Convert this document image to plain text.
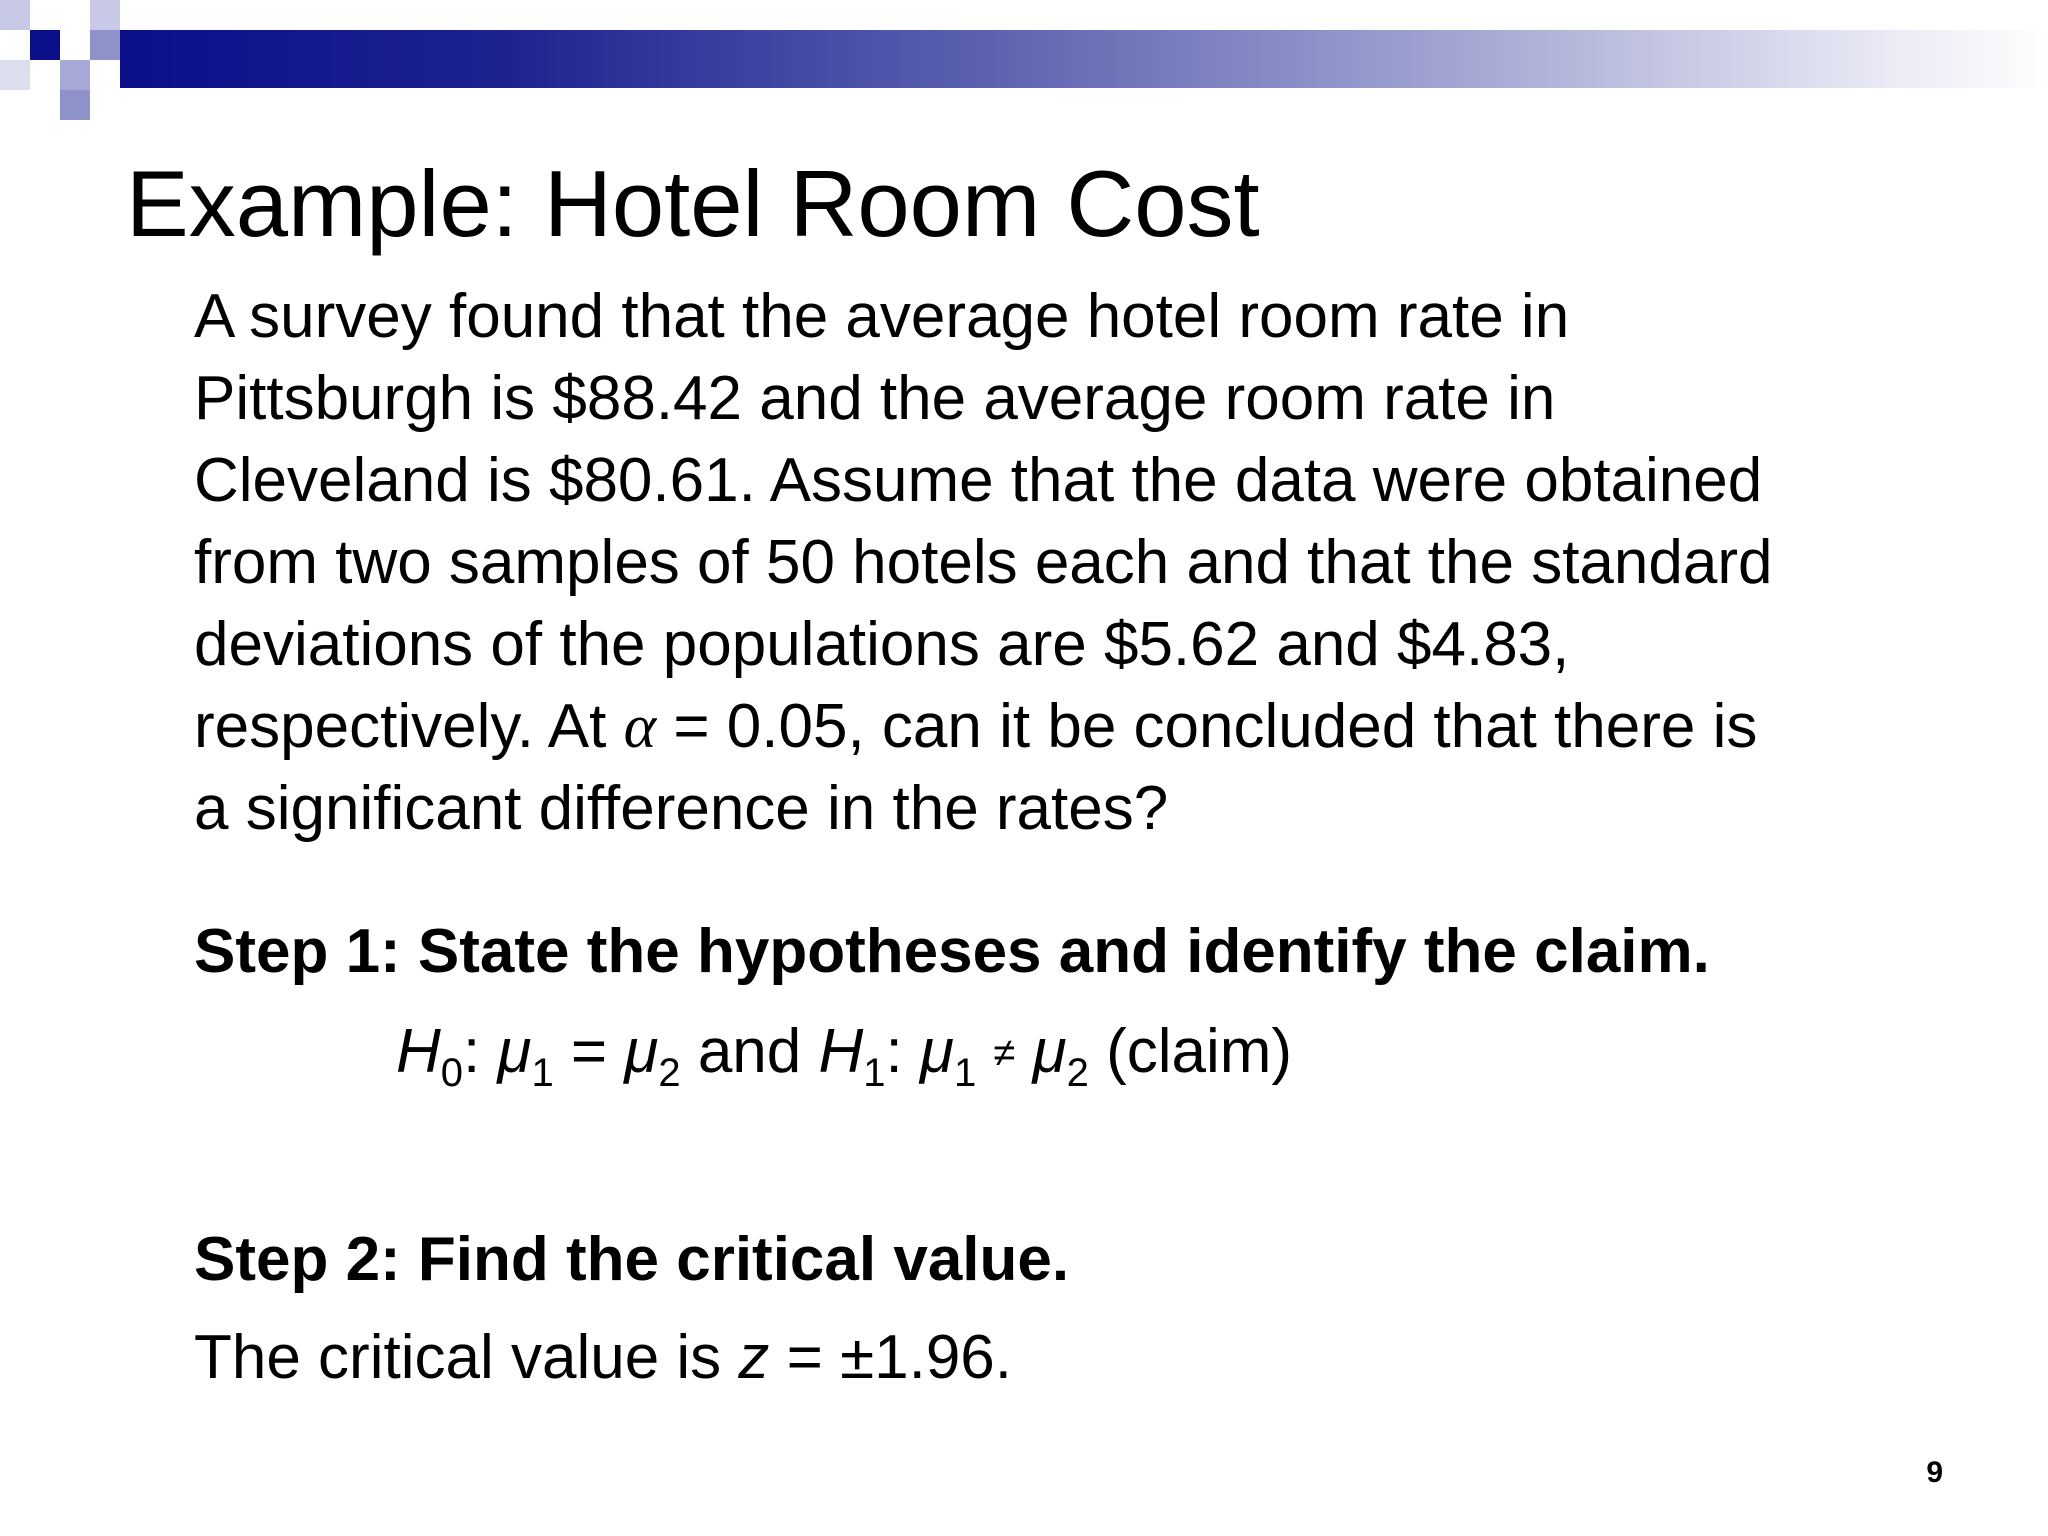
Example: Hotel Room Cost
A survey found that the average hotel room rate in
Pittsburgh is $88.42 and the average room rate in
Cleveland is $80.61. Assume that the data were obtained
from two samples of 50 hotels each and that the standard
deviations of the populations are $5.62 and $4.83,
respectively. At α = 0.05, can it be concluded that there is
a significant difference in the rates?
Step 1: State the hypotheses and identify the claim.
$H_0$: $\mu_1 = \mu_2$ and $H_1$: $\mu_1 \ne \mu_2$ (claim)
Step 2: Find the critical value.
The critical value is z = ±1.96.
9
